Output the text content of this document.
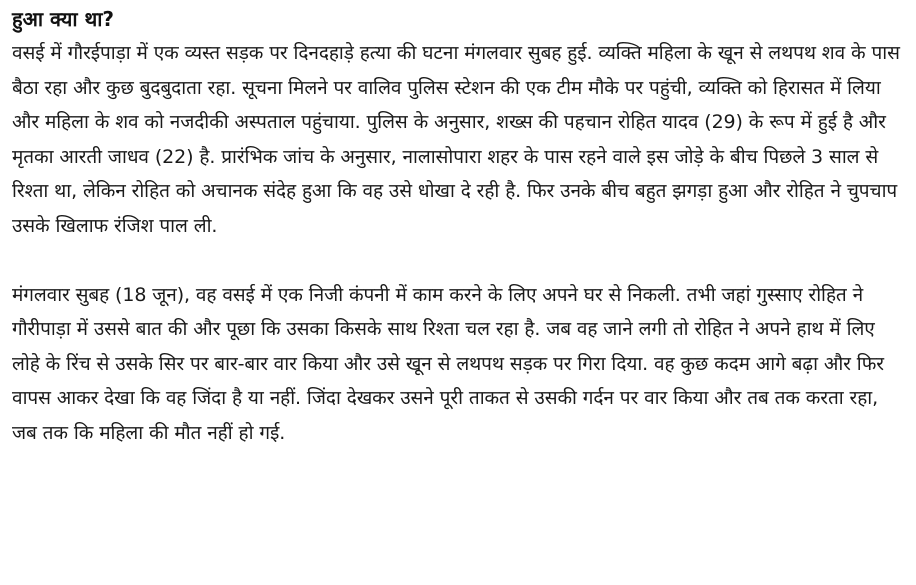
हुआ क्या था?

वसई में गौरईपाड़ा में एक व्यस्त सड़क पर दिनदहाड़े हत्या की घटना मंगलवार सुबह हुई. व्यक्ति महिला के खून से लथपथ शव के पास बैठा रहा और कुछ बुदबुदाता रहा. सूचना मिलने पर वालिव पुलिस स्टेशन की एक टीम मौके पर पहुंची, व्यक्ति को हिरासत में लिया और महिला के शव को नजदीकी अस्पताल पहुंचाया. पुलिस के अनुसार, शख्स की पहचान रोहित यादव (29) के रूप में हुई है और मृतका आरती जाधव (22) है. प्रारंभिक जांच के अनुसार, नालासोपारा शहर के पास रहने वाले इस जोड़े के बीच पिछले 3 साल से रिश्ता था, लेकिन रोहित को अचानक संदेह हुआ कि वह उसे धोखा दे रही है. फिर उनके बीच बहुत झगड़ा हुआ और रोहित ने चुपचाप उसके खिलाफ रंजिश पाल ली.

मंगलवार सुबह (18 जून), वह वसई में एक निजी कंपनी में काम करने के लिए अपने घर से निकली. तभी जहां गुस्साए रोहित ने गौरीपाड़ा में उससे बात की और पूछा कि उसका किसके साथ रिश्ता चल रहा है. जब वह जाने लगी तो रोहित ने अपने हाथ में लिए लोहे के रिंच से उसके सिर पर बार-बार वार किया और उसे खून से लथपथ सड़क पर गिरा दिया. वह कुछ कदम आगे बढ़ा और फिर वापस आकर देखा कि वह जिंदा है या नहीं. जिंदा देखकर उसने पूरी ताकत से उसकी गर्दन पर वार किया और तब तक करता रहा, जब तक कि महिला की मौत नहीं हो गई.
